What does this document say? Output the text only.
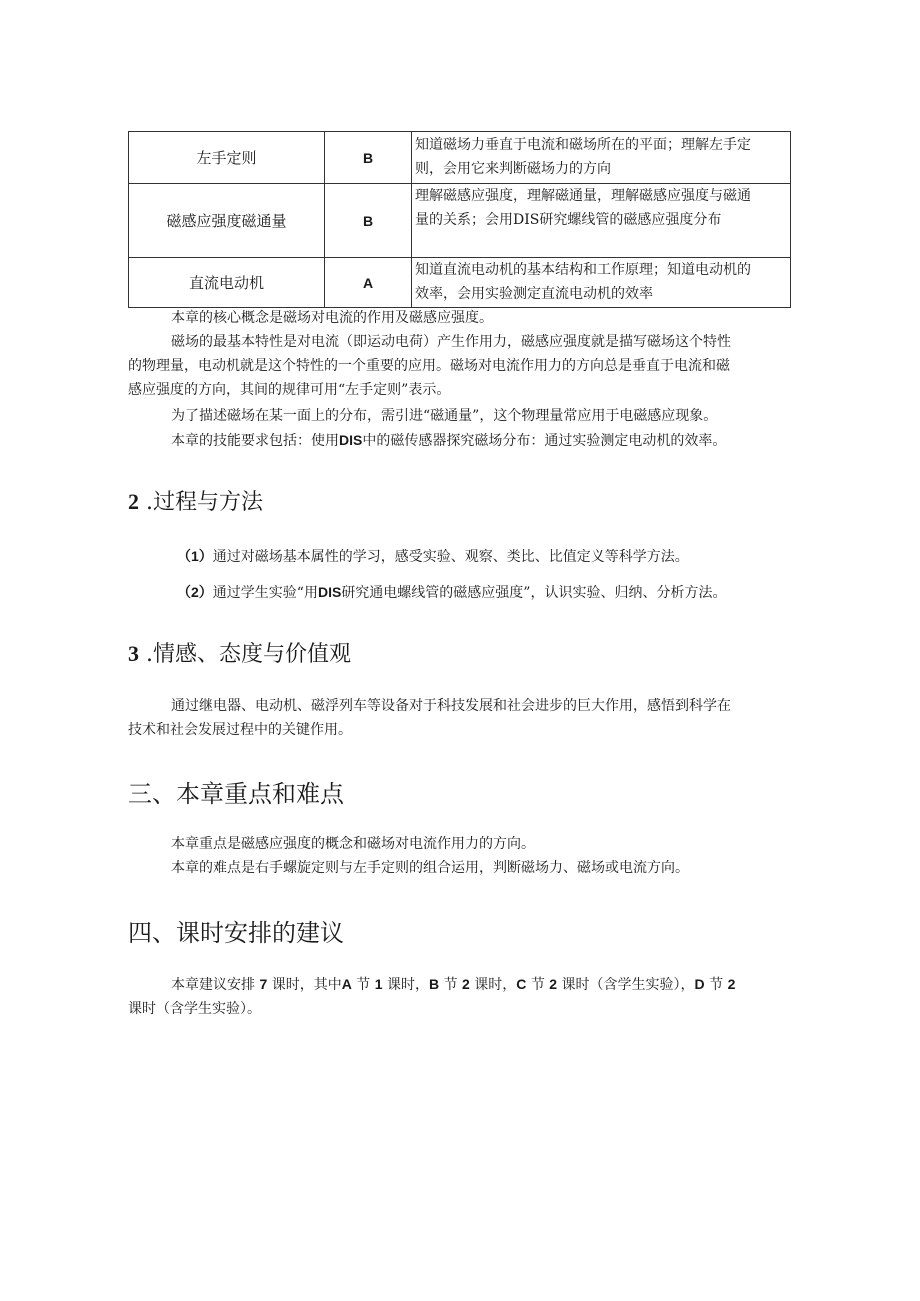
左手定则	B	知道磁场力垂直于电流和磁场所在的平面；理解左手定
则，会用它来判断磁场力的方向
磁感应强度磁通量	B	理解磁感应强度，理解磁通量，理解磁感应强度与磁通
量的关系；会用DIS研究螺线管的磁感应强度分布
直流电动机	A	知道直流电动机的基本结构和工作原理；知道电动机的
效率，会用实验测定直流电动机的效率

本章的核心概念是磁场对电流的作用及磁感应强度。

磁场的最基本特性是对电流（即运动电荷）产生作用力，磁感应强度就是描写磁场这个特性
的物理量，电动机就是这个特性的一个重要的应用。磁场对电流作用力的方向总是垂直于电流和磁
感应强度的方向，其间的规律可用“左手定则”表示。

为了描述磁场在某一面上的分布，需引进“磁通量”，这个物理量常应用于电磁感应现象。

本章的技能要求包括：使用DIS中的磁传感器探究磁场分布：通过实验测定电动机的效率。

2 .过程与方法

（1）通过对磁场基本属性的学习，感受实验、观察、类比、比值定义等科学方法。

（2）通过学生实验“用DIS研究通电螺线管的磁感应强度”，认识实验、归纳、分析方法。

3 .情感、态度与价值观

通过继电器、电动机、磁浮列车等设备对于科技发展和社会进步的巨大作用，感悟到科学在
技术和社会发展过程中的关键作用。

三、本章重点和难点

本章重点是磁感应强度的概念和磁场对电流作用力的方向。

本章的难点是右手螺旋定则与左手定则的组合运用，判断磁场力、磁场或电流方向。

四、课时安排的建议

本章建议安排 7 课时，其中A 节 1 课时，B 节 2 课时，C 节 2 课时（含学生实验），D 节 2
课时（含学生实验）。
